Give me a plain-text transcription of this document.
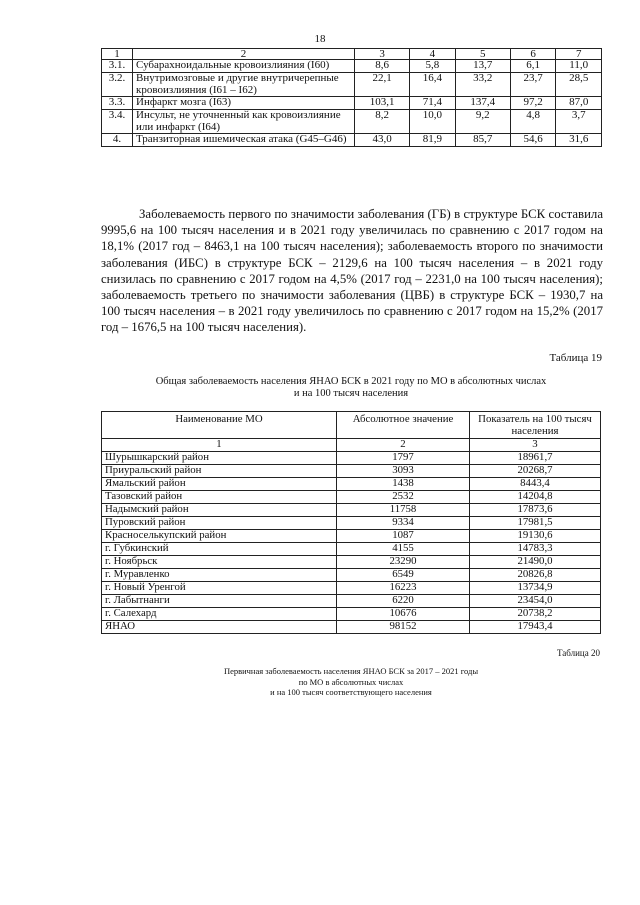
18
1	2	3	4	5	6	7
3.1.	Субарахноидальные кровоизлияния (I60)	8,6	5,8	13,7	6,1	11,0
3.2.	Внутримозговые и другие внутричерепные кровоизлияния (I61 – I62)	22,1	16,4	33,2	23,7	28,5
3.3.	Инфаркт мозга (I63)	103,1	71,4	137,4	97,2	87,0
3.4.	Инсульт, не уточненный как кровоизлияние или инфаркт (I64)	8,2	10,0	9,2	4,8	3,7
4.	Транзиторная ишемическая атака (G45–G46)	43,0	81,9	85,7	54,6	31,6

Заболеваемость первого по значимости заболевания (ГБ) в структуре БСК составила 9995,6 на 100 тысяч населения и в 2021 году увеличилась по сравнению с 2017 годом на 18,1% (2017 год – 8463,1 на 100 тысяч населения); заболеваемость второго по значимости заболевания (ИБС) в структуре БСК – 2129,6 на 100 тысяч населения – в 2021 году снизилась по сравнению с 2017 годом на 4,5% (2017 год – 2231,0 на 100 тысяч населения); заболеваемость третьего по значимости заболевания (ЦВБ) в структуре БСК – 1930,7 на 100 тысяч населения – в 2021 году увеличилось по сравнению с 2017 годом на 15,2% (2017 год – 1676,5 на 100 тысяч населения).

Таблица 19
Общая заболеваемость населения ЯНАО БСК в 2021 году по МО в абсолютных числах
и на 100 тысяч населения
Наименование МО	Абсолютное значение	Показатель на 100 тысяч населения
1	2	3
Шурышкарский район	1797	18961,7
Приуральский район	3093	20268,7
Ямальский район	1438	8443,4
Тазовский район	2532	14204,8
Надымский район	11758	17873,6
Пуровский район	9334	17981,5
Красноселькупский район	1087	19130,6
г. Губкинский	4155	14783,3
г. Ноябрьск	23290	21490,0
г. Муравленко	6549	20826,8
г. Новый Уренгой	16223	13734,9
г. Лабытнанги	6220	23454,0
г. Салехард	10676	20738,2
ЯНАО	98152	17943,4
Таблица 20
Первичная заболеваемость населения ЯНАО БСК за 2017 – 2021 годы
по МО в абсолютных числах
и на 100 тысяч соответствующего населения
